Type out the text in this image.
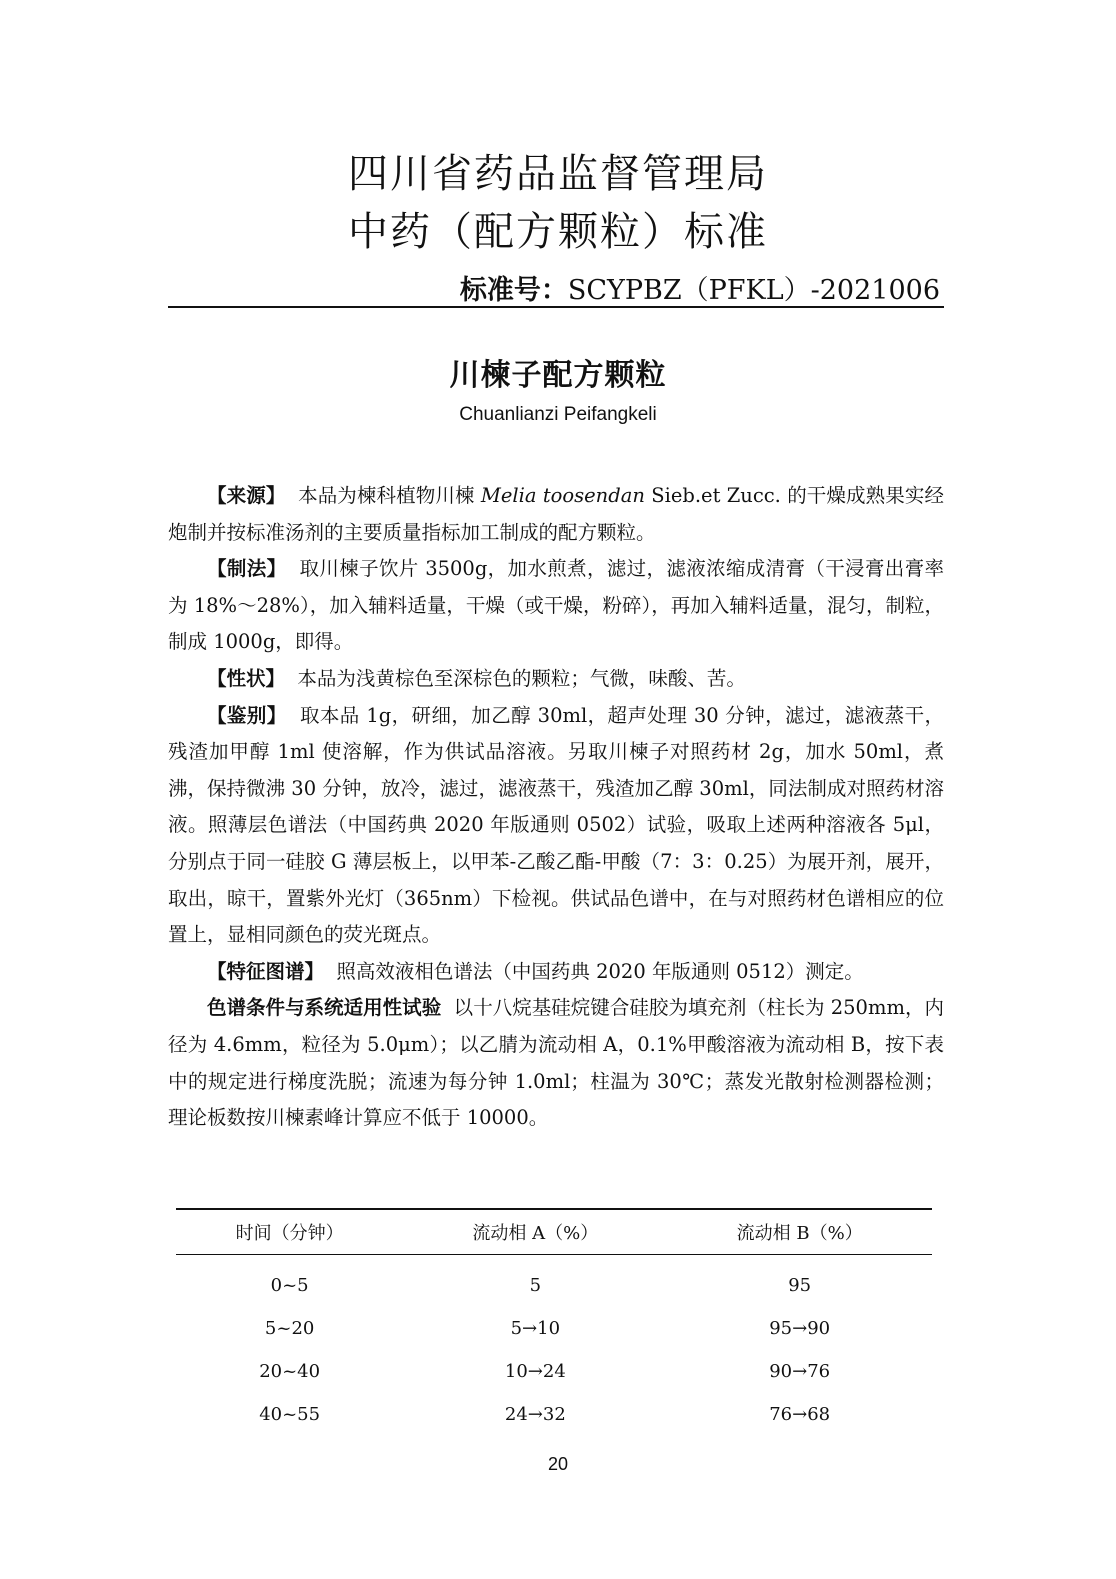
四川省药品监督管理局
中药（配方颗粒）标准
标准号：SCYPBZ（PFKL）-2021006
川楝子配方颗粒
Chuanlianzi Peifangkeli

【来源】 本品为楝科植物川楝 Melia toosendan Sieb.et Zucc. 的干燥成熟果实经炮制并按标准汤剂的主要质量指标加工制成的配方颗粒。

【制法】 取川楝子饮片 3500g，加水煎煮，滤过，滤液浓缩成清膏（干浸膏出膏率为 18%～28%），加入辅料适量，干燥（或干燥，粉碎），再加入辅料适量，混匀，制粒，制成 1000g，即得。

【性状】 本品为浅黄棕色至深棕色的颗粒；气微，味酸、苦。

【鉴别】 取本品 1g，研细，加乙醇 30ml，超声处理 30 分钟，滤过，滤液蒸干，残渣加甲醇 1ml 使溶解，作为供试品溶液。另取川楝子对照药材 2g，加水 50ml，煮沸，保持微沸 30 分钟，放冷，滤过，滤液蒸干，残渣加乙醇 30ml，同法制成对照药材溶液。照薄层色谱法（中国药典 2020 年版通则 0502）试验，吸取上述两种溶液各 5μl，分别点于同一硅胶 G 薄层板上，以甲苯-乙酸乙酯-甲酸（7：3：0.25）为展开剂，展开，取出，晾干，置紫外光灯（365nm）下检视。供试品色谱中，在与对照药材色谱相应的位置上，显相同颜色的荧光斑点。

【特征图谱】 照高效液相色谱法（中国药典 2020 年版通则 0512）测定。

色谱条件与系统适用性试验 以十八烷基硅烷键合硅胶为填充剂（柱长为 250mm，内径为 4.6mm，粒径为 5.0μm）；以乙腈为流动相 A，0.1%甲酸溶液为流动相 B，按下表中的规定进行梯度洗脱；流速为每分钟 1.0ml；柱温为 30℃；蒸发光散射检测器检测；理论板数按川楝素峰计算应不低于 10000。

时间（分钟）	流动相 A（%）	流动相 B（%）
0~5	5	95
5~20	5→10	95→90
20~40	10→24	90→76
40~55	24→32	76→68
20
